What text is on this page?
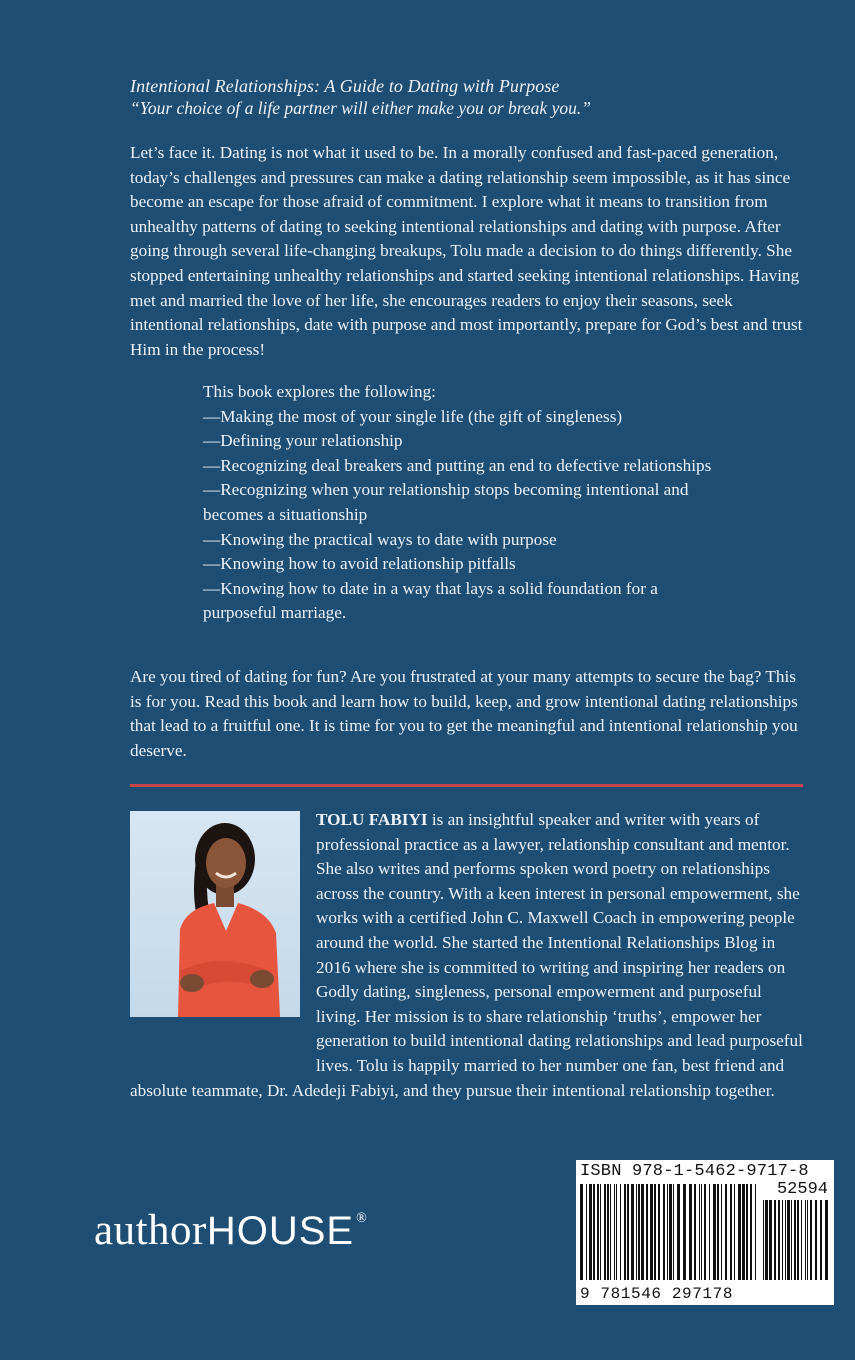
Intentional Relationships: A Guide to Dating with Purpose
“Your choice of a life partner will either make you or break you.”

Let’s face it. Dating is not what it used to be. In a morally confused and fast-paced generation, today’s challenges and pressures can make a dating relationship seem impossible, as it has since become an escape for those afraid of commitment. I explore what it means to transition from unhealthy patterns of dating to seeking intentional relationships and dating with purpose. After going through several life-changing breakups, Tolu made a decision to do things differently. She stopped entertaining unhealthy relationships and started seeking intentional relationships. Having met and married the love of her life, she encourages readers to enjoy their seasons, seek intentional relationships, date with purpose and most importantly, prepare for God’s best and trust Him in the process!

This book explores the following:
—Making the most of your single life (the gift of singleness)
—Defining your relationship
—Recognizing deal breakers and putting an end to defective relationships
—Recognizing when your relationship stops becoming intentional and becomes a situationship
—Knowing the practical ways to date with purpose
—Knowing how to avoid relationship pitfalls
—Knowing how to date in a way that lays a solid foundation for a purposeful marriage.

Are you tired of dating for fun? Are you frustrated at your many attempts to secure the bag? This is for you. Read this book and learn how to build, keep, and grow intentional dating relationships that lead to a fruitful one. It is time for you to get the meaningful and intentional relationship you deserve.

TOLU FABIYI is an insightful speaker and writer with years of professional practice as a lawyer, relationship consultant and mentor. She also writes and performs spoken word poetry on relationships across the country. With a keen interest in personal empowerment, she works with a certified John C. Maxwell Coach in empowering people around the world. She started the Intentional Relationships Blog in 2016 where she is committed to writing and inspiring her readers on Godly dating, singleness, personal empowerment and purposeful living. Her mission is to share relationship ‘truths’, empower her generation to build intentional dating relationships and lead purposeful lives. Tolu is happily married to her number one fan, best friend and absolute teammate, Dr. Adedeji Fabiyi, and they pursue their intentional relationship together.

authorHOUSE ®
ISBN 978-1-5462-9717-8
52594
9 781546 297178
